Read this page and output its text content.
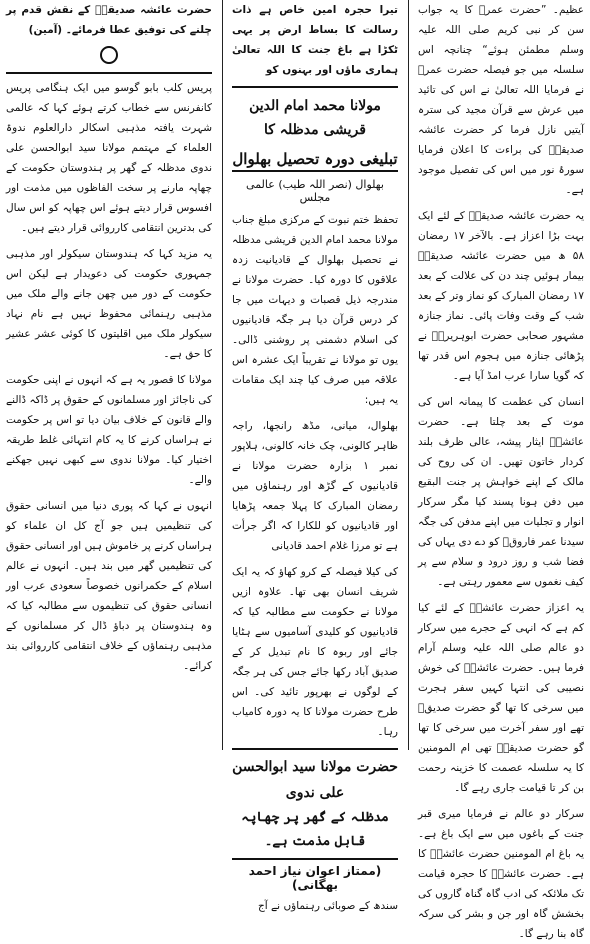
عظیم۔ ”حضرت عمرؓ کا یہ جواب سن کر نبی کریم صلی اللہ علیہ وسلم مطمئن ہوئے“ چنانچہ اس سلسلہ میں جو فیصلہ حضرت عمرؓ نے فرمایا اللہ تعالیٰ نے اس کی تائید میں عرش سے قرآن مجید کی سترہ آیتیں نازل فرما کر حضرت عائشہ صدیقہؓ کی براءت کا اعلان فرمایا سورۂ نور میں اس کی تفصیل موجود ہے۔

یہ حضرت عائشہ صدیقہؓ کے لئے ایک بہت بڑا اعزاز ہے۔ بالآخر ۱۷ رمضان ۵۸ ھ میں حضرت عائشہ صدیقہؓ بیمار ہوئیں چند دن کی علالت کے بعد ۱۷ رمضان المبارک کو نماز وتر کے بعد شب کے وقت وفات پائی۔ نماز جنازہ مشہور صحابی حضرت ابوہریرہؓ نے پڑھائی جنازہ میں ہجوم اس قدر تھا کہ گویا سارا عرب امڈ آیا ہے۔

انسان کی عظمت کا پیمانہ اس کی موت کے بعد چلتا ہے۔ حضرت عائشہؓ ایثار پیشہ، عالی ظرف بلند کردار خاتون تھیں۔ ان کی روح کی مالک کے اپنے خواہش پر جنت البقیع میں دفن ہونا پسند کیا مگر سرکار انوار و تجلیات میں اپنے مدفن کی جگہ سیدنا عمر فاروقؓ کو دے دی یہاں کی فضا شب و روز درود و سلام سے پر کیف نغموں سے معمور رہتی ہے۔

یہ اعزاز حضرت عائشہؓ کے لئے کیا کم ہے کہ انہی کے حجرے میں سرکار دو عالم صلی اللہ علیہ وسلم آرام فرما ہیں۔ حضرت عائشہؓ کی خوش نصیبی کی انتہا کہیں سفر ہجرت میں سرخی کا تھا گو حضرت صدیقؓ تھے اور سفر آخرت میں سرخی کا تھا گو حضرت صدیقہؓ تھی ام المومنین کا یہ سلسلہ عصمت کا خزینہ رحمت بن کر تا قیامت جاری رہے گا۔

سرکار دو عالم نے فرمایا میری قبر جنت کے باغوں میں سے ایک باغ ہے۔ یہ باغ ام المومنین حضرت عائشہؓ کا ہے۔ حضرت عائشہؓ کا حجرہ قیامت تک ملائکہ کی ادب گاہ گناہ گاروں کی بخشش گاہ اور جن و بشر کی سرکہ گاہ بنا رہے گا۔

تیرا حجرہ امین خاص ہے ذات رسالت کا بساط ارض پر یہی ٹکڑا ہے باغ جنت کا اللہ تعالیٰ ہماری ماؤں اور بہنوں کو

مولانا محمد امام الدین قریشی مدظلہ کا
تبلیغی دورہ تحصیل بھلوال
بھلوال (نصر اللہ طیب) عالمی مجلس

تحفظ ختم نبوت کے مرکزی مبلغ جناب مولانا محمد امام الدین قریشی مدظلہ نے تحصیل بھلوال کے قادیانیت زدہ علاقوں کا دورہ کیا۔ حضرت مولانا نے مندرجہ ذیل قصبات و دیہات میں جا کر درس قرآن دیا ہر جگہ قادیانیوں کی اسلام دشمنی پر روشنی ڈالی۔ یوں تو مولانا نے تقریباً ایک عشرہ اس علاقہ میں صرف کیا چند ایک مقامات یہ ہیں:

بھلوال، میانی، مڈھ رانجھا، راجہ ظاہر کالونی، چک خانہ کالونی، ہلاپور نمبر ۱ بزارہ حضرت مولانا نے قادیانیوں کے گڑھ اور رہنماؤں میں رمضان المبارک کا پہلا جمعہ پڑھایا اور قادیانیوں کو للکارا کہ اگر جرأت ہے تو مرزا غلام احمد قادیانی

کی کیلا فیصلہ کے کرو کھاؤ کہ یہ ایک شریف انسان بھی تھا۔ علاوہ ازیں مولانا نے حکومت سے مطالبہ کیا کہ قادیانیوں کو کلیدی آسامیوں سے ہٹایا جائے اور ربوہ کا نام تبدیل کر کے صدیق آباد رکھا جائے جس کی ہر جگہ کے لوگوں نے بھرپور تائید کی۔ اس طرح حضرت مولانا کا یہ دورہ کامیاب رہا۔

حضرت مولانا سید ابوالحسن علی ندوی
مدظلہ کے گھر پر چھاپہ قابل مذمت ہے۔
(ممتاز اعوان نیاز احمد بھگانی)

سندھ کے صوبائی رہنماؤں نے آج

حضرت عائشہ صدیقہؓ کے نقش قدم پر چلنے کی توفیق عطا فرمائے۔ (آمین)

پریس کلب بابو گوسو میں ایک ہنگامی پریس کانفرنس سے خطاب کرتے ہوئے کہا کہ عالمی شہرت یافتہ مذہبی اسکالر دارالعلوم ندوۃ العلماء کے مہتمم مولانا سید ابوالحسن علی ندوی مدظلہ کے گھر پر ہندوستان حکومت کے چھاپہ مارنے پر سخت الفاظوں میں مذمت اور افسوس قرار دیتے ہوئے اس چھاپہ کو اس سال کی بدترین انتقامی کارروائی قرار دیتے ہیں۔

یہ مزید کہا کہ ہندوستان سیکولر اور مذہبی جمہوری حکومت کی دعویدار ہے لیکن اس حکومت کے دور میں چھن جانے والے ملک میں مذہبی رہنمائی محفوظ نہیں ہے نام نہاد سیکولر ملک میں اقلیتوں کا کوئی عشر عشیر کا حق ہے۔

مولانا کا قصور یہ ہے کہ انہوں نے اپنی حکومت کی ناجائز اور مسلمانوں کے حقوق پر ڈاکہ ڈالنے والے قانون کے خلاف بیان دیا تو اس پر حکومت نے ہراساں کرنے کا یہ کام انتہائی غلط طریقہ اختیار کیا۔ مولانا ندوی سے کبھی نہیں جھکنے والے۔

انہوں نے کہا کہ پوری دنیا میں انسانی حقوق کی تنظیمیں ہیں جو آج کل ان علماء کو ہراساں کرنے پر خاموش ہیں اور انسانی حقوق کی تنظیمیں گھر میں بند ہیں۔ انہوں نے عالم اسلام کے حکمرانوں خصوصاً سعودی عرب اور انسانی حقوق کی تنظیموں سے مطالبہ کیا کہ وہ ہندوستان پر دباؤ ڈال کر مسلمانوں کے مذہبی رہنماؤں کے خلاف انتقامی کارروائی بند کرائے۔
